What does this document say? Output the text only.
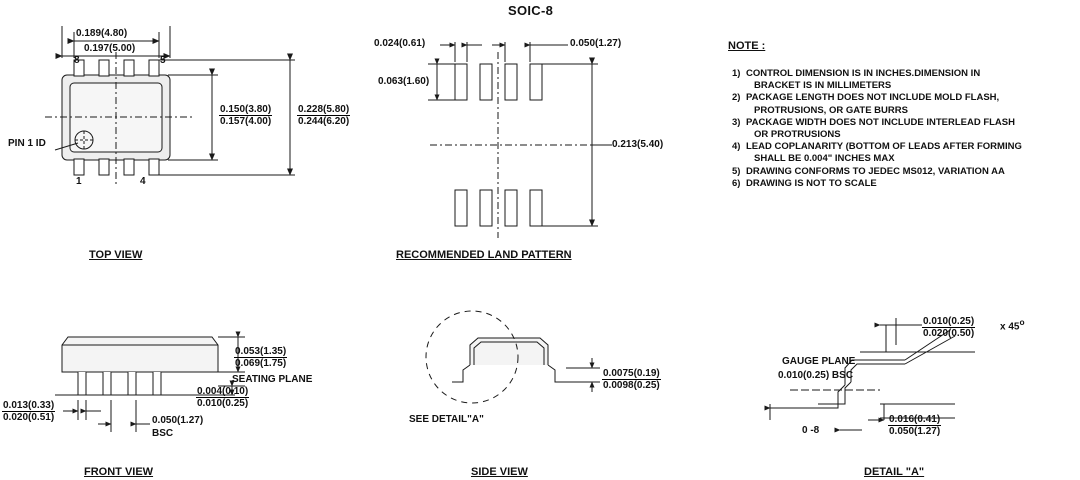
SOIC-8
0.189(4.80)
0.197(5.00)
8	5
1	4
PIN 1 ID
0.150(3.80)
0.157(4.00)
0.228(5.80)
0.244(6.20)
TOP VIEW
0.024(0.61)	0.050(1.27)
0.063(1.60)
0.213(5.40)
RECOMMENDED LAND PATTERN
0.053(1.35)
0.069(1.75)
SEATING PLANE
0.004(0.10)
0.010(0.25)
0.013(0.33)
0.020(0.51)	0.050(1.27)
BSC
FRONT VIEW
SEE DETAIL"A"
0.0075(0.19)
0.0098(0.25)
SIDE VIEW
0.010(0.25)
0.020(0.50)
x 45$^o$
GAUGE PLANE
0.010(0.25) BSC
0 -8
0.016(0.41)
0.050(1.27)
DETAIL "A"
NOTE :
1) CONTROL DIMENSION IS IN INCHES.DIMENSION IN
BRACKET IS IN MILLIMETERS
2) PACKAGE LENGTH DOES NOT INCLUDE MOLD FLASH,
PROTRUSIONS, OR GATE BURRS
3) PACKAGE WIDTH DOES NOT INCLUDE INTERLEAD FLASH
OR PROTRUSIONS
4) LEAD COPLANARITY (BOTTOM OF LEADS AFTER FORMING
SHALL BE 0.004" INCHES MAX
5) DRAWING CONFORMS TO JEDEC MS012, VARIATION AA
6) DRAWING IS NOT TO SCALE
